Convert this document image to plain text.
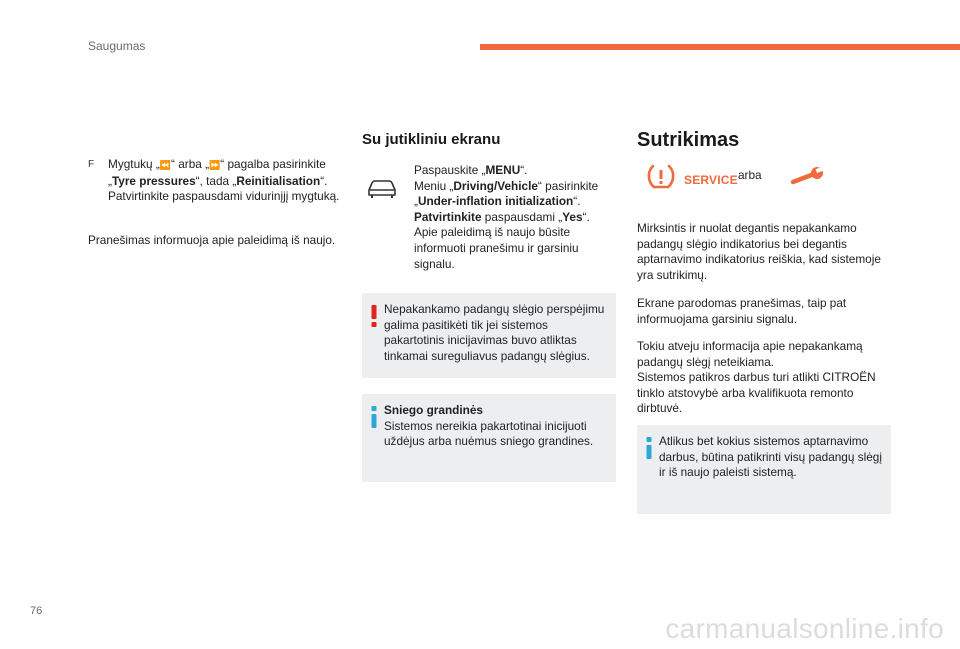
Saugumas
F Mygtukų „⏪“ arba „⏩“ pagalba pasirinkite „Tyre pressures“, tada „Reinitialisation“. Patvirtinkite paspausdami vidurinįjį mygtuką.
Pranešimas informuoja apie paleidimą iš naujo.
Su jutikliniu ekranu
Paspauskite „MENU“.
Meniu „Driving/Vehicle“ pasirinkite „Under-inflation initialization“.
Patvirtinkite paspausdami „Yes“.
Apie paleidimą iš naujo būsite informuoti pranešimu ir garsiniu signalu.
Nepakankamo padangų slėgio perspėjimu galima pasitikėti tik jei sistemos pakartotinis inicijavimas buvo atliktas tinkamai sureguliavus padangų slėgius.
Sniego grandinės
Sistemos nereikia pakartotinai inicijuoti uždėjus arba nuėmus sniego grandines.
Sutrikimas
SERVICE arba
Mirksintis ir nuolat degantis nepakankamo padangų slėgio indikatorius bei degantis aptarnavimo indikatorius reiškia, kad sistemoje yra sutrikimų.
Ekrane parodomas pranešimas, taip pat informuojama garsiniu signalu.
Tokiu atveju informacija apie nepakankamą padangų slėgį neteikiama.
Sistemos patikros darbus turi atlikti CITROËN tinklo atstovybė arba kvalifikuota remonto dirbtuvė.
Atlikus bet kokius sistemos aptarnavimo darbus, būtina patikrinti visų padangų slėgį ir iš naujo paleisti sistemą.
76
carmanualsonline.info
